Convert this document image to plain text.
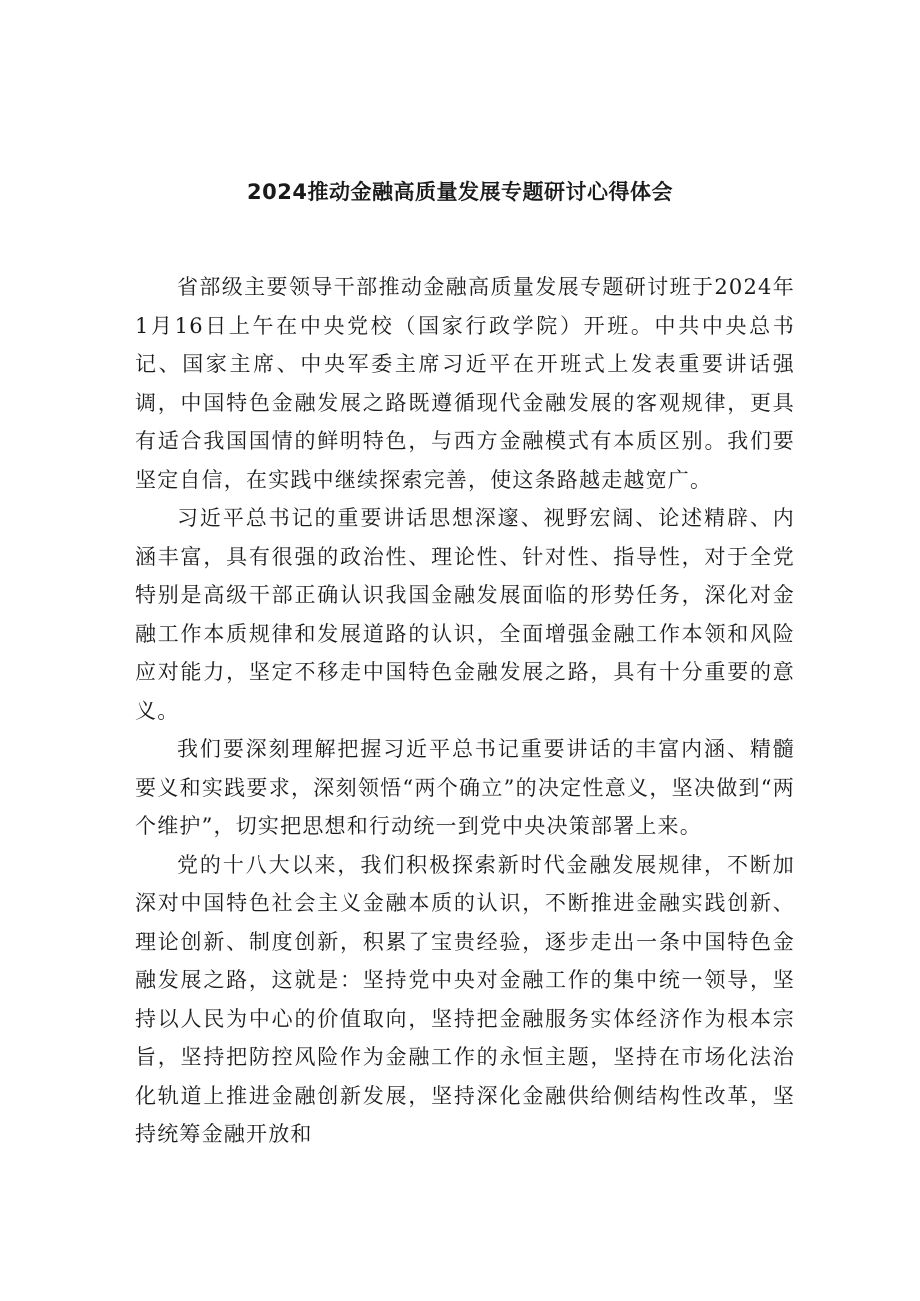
2024推动金融高质量发展专题研讨心得体会

省部级主要领导干部推动金融高质量发展专题研讨班于2024年1月16日上午在中央党校（国家行政学院）开班。中共中央总书记、国家主席、中央军委主席习近平在开班式上发表重要讲话强调，中国特色金融发展之路既遵循现代金融发展的客观规律，更具有适合我国国情的鲜明特色，与西方金融模式有本质区别。我们要坚定自信，在实践中继续探索完善，使这条路越走越宽广。

习近平总书记的重要讲话思想深邃、视野宏阔、论述精辟、内涵丰富，具有很强的政治性、理论性、针对性、指导性，对于全党特别是高级干部正确认识我国金融发展面临的形势任务，深化对金融工作本质规律和发展道路的认识，全面增强金融工作本领和风险应对能力，坚定不移走中国特色金融发展之路，具有十分重要的意义。

我们要深刻理解把握习近平总书记重要讲话的丰富内涵、精髓要义和实践要求，深刻领悟“两个确立”的决定性意义，坚决做到“两个维护”，切实把思想和行动统一到党中央决策部署上来。

党的十八大以来，我们积极探索新时代金融发展规律，不断加深对中国特色社会主义金融本质的认识，不断推进金融实践创新、理论创新、制度创新，积累了宝贵经验，逐步走出一条中国特色金融发展之路，这就是：坚持党中央对金融工作的集中统一领导，坚持以人民为中心的价值取向，坚持把金融服务实体经济作为根本宗旨，坚持把防控风险作为金融工作的永恒主题，坚持在市场化法治化轨道上推进金融创新发展，坚持深化金融供给侧结构性改革，坚持统筹金融开放和
